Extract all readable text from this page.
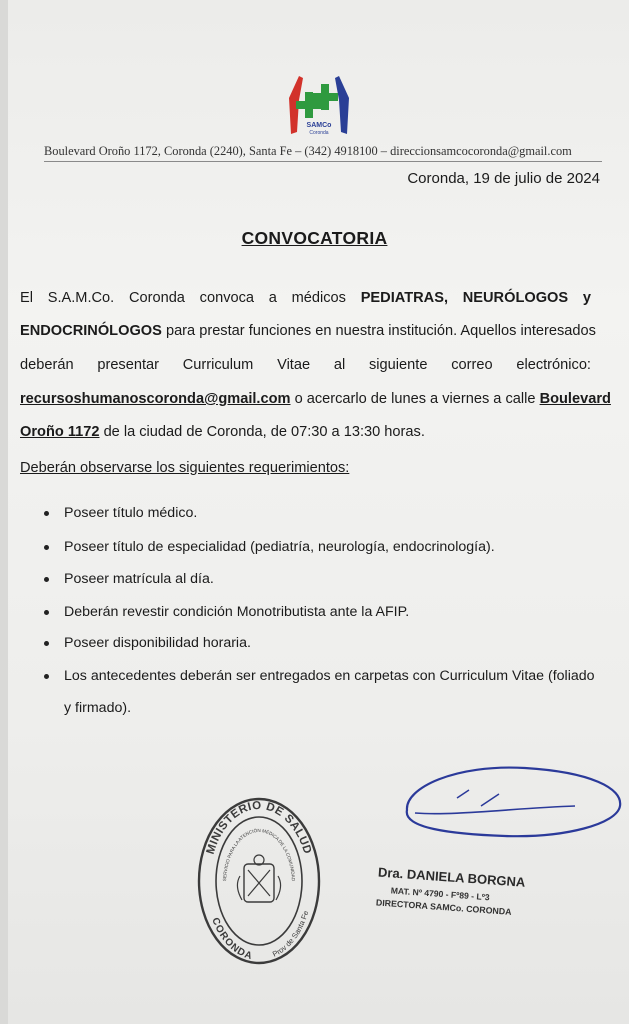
SAMCo
Coronda
Boulevard Oroño 1172, Coronda (2240), Santa Fe – (342) 4918100 – direccionsamcocoronda@gmail.com
Coronda, 19 de julio de 2024
CONVOCATORIA
El S.A.M.Co. Coronda convoca a médicos PEDIATRAS, NEURÓLOGOS y
ENDOCRINÓLOGOS para prestar funciones en nuestra institución. Aquellos interesados
deberán presentar Curriculum Vitae al siguiente correo electrónico:
recursoshumanoscoronda@gmail.com o acercarlo de lunes a viernes a calle Boulevard
Oroño 1172 de la ciudad de Coronda, de 07:30 a 13:30 horas.
Deberán observarse los siguientes requerimientos:
Poseer título médico.
Poseer título de especialidad (pediatría, neurología, endocrinología).
Poseer matrícula al día.
Deberán revestir condición Monotributista ante la AFIP.
Poseer disponibilidad horaria.
Los antecedentes deberán ser entregados en carpetas con Curriculum Vitae (foliado
y firmado).
MINISTERIO DE SALUD
CORONDA Prov de Santa Fe
SERVICIO PARA LA ATENCIÓN MÉDICA DE LA COMUNIDAD	Dra. DANIELA BORGNA
MAT. Nº 4790 - Fº89 - Lº3
DIRECTORA SAMCo. CORONDA
